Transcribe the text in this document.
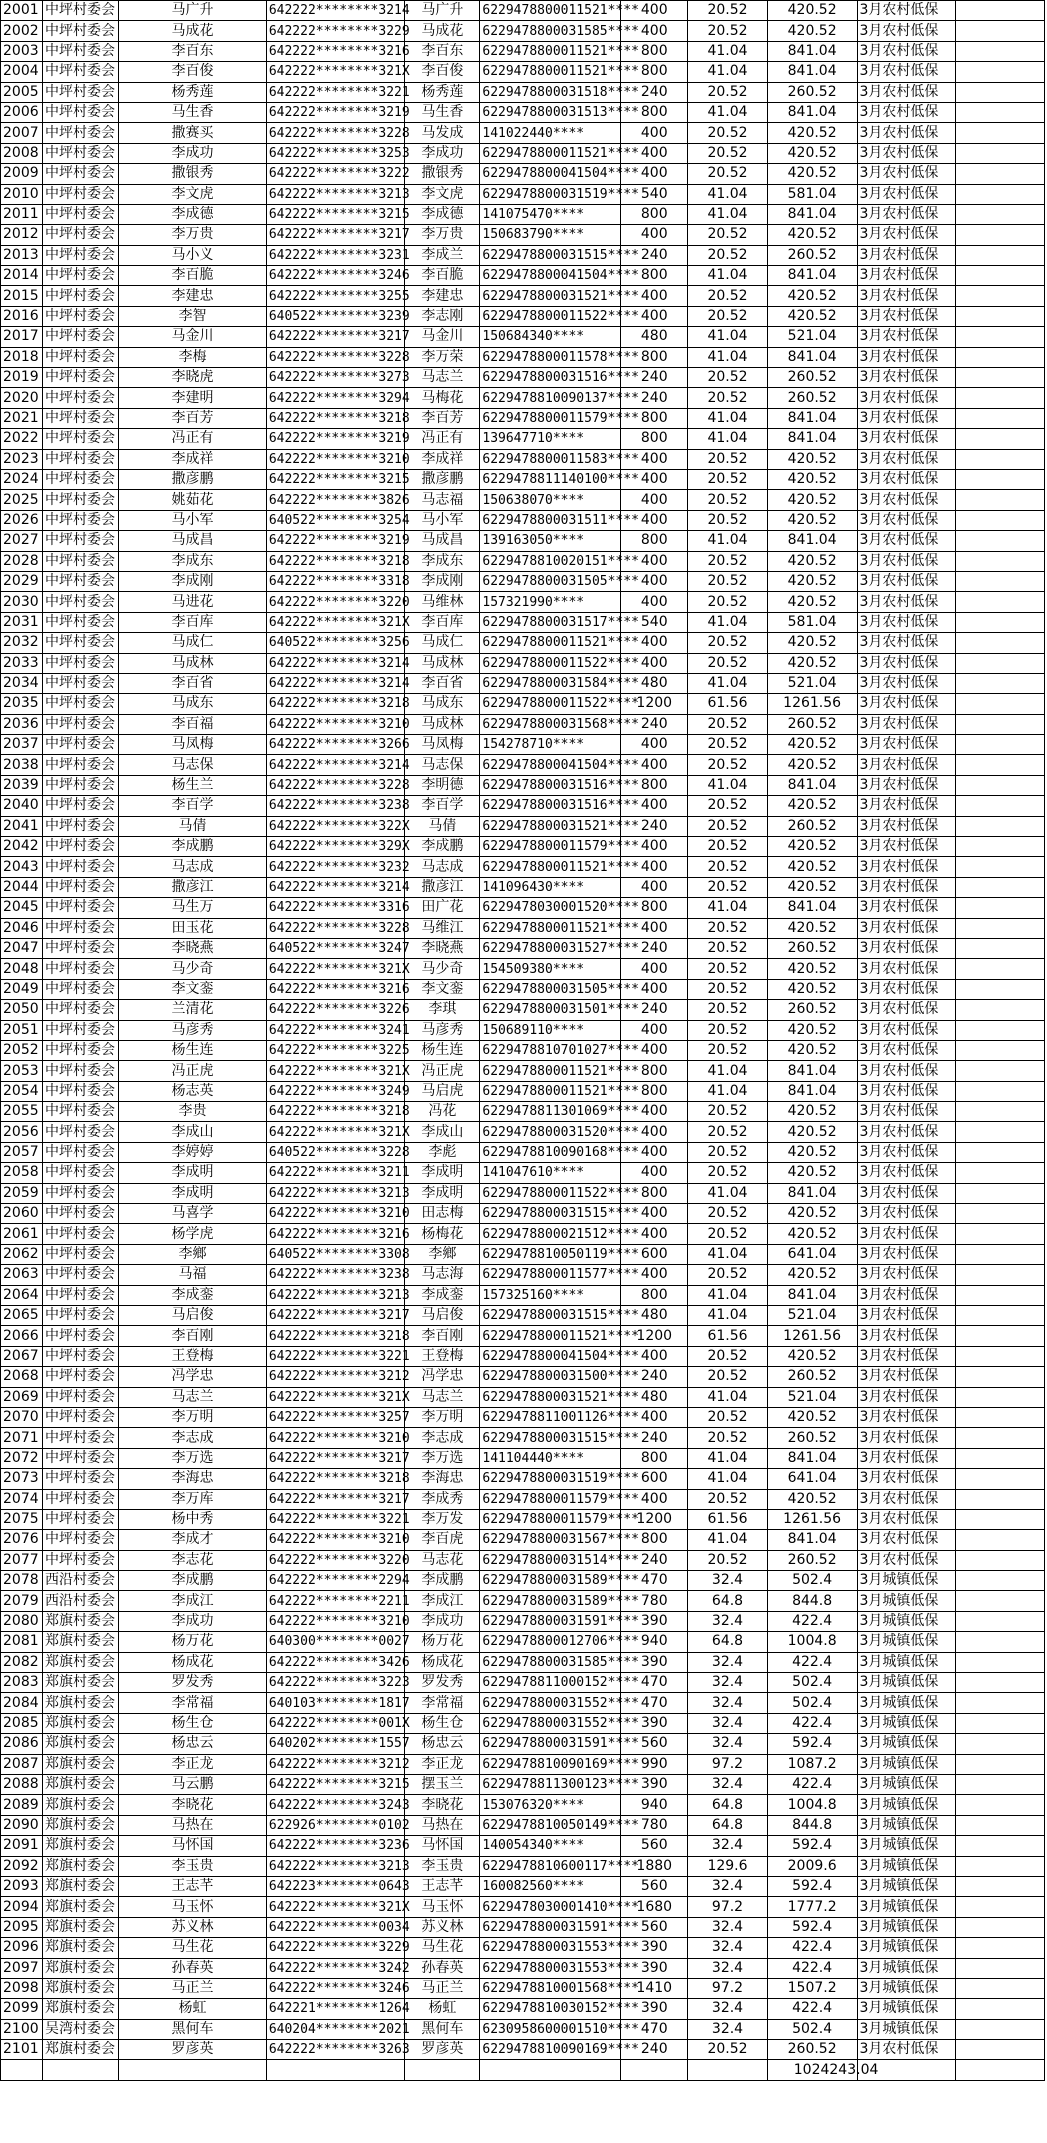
2001	中坪村委会	马广升	642222********3214	马广升	6229478800011521****	400	20.52	420.52	3月农村低保	
2002	中坪村委会	马成花	642222********3229	马成花	6229478800031585****	400	20.52	420.52	3月农村低保	
2003	中坪村委会	李百东	642222********3216	李百东	6229478800011521****	800	41.04	841.04	3月农村低保	
2004	中坪村委会	李百俊	642222********321X	李百俊	6229478800011521****	800	41.04	841.04	3月农村低保	
2005	中坪村委会	杨秀莲	642222********3221	杨秀莲	6229478800031518****	240	20.52	260.52	3月农村低保	
2006	中坪村委会	马生香	642222********3219	马生香	6229478800031513****	800	41.04	841.04	3月农村低保	
2007	中坪村委会	撒赛买	642222********3228	马发成	141022440****	400	20.52	420.52	3月农村低保	
2008	中坪村委会	李成功	642222********3253	李成功	6229478800011521****	400	20.52	420.52	3月农村低保	
2009	中坪村委会	撒银秀	642222********3222	撒银秀	6229478800041504****	400	20.52	420.52	3月农村低保	
2010	中坪村委会	李文虎	642222********3213	李文虎	6229478800031519****	540	41.04	581.04	3月农村低保	
2011	中坪村委会	李成德	642222********3215	李成德	141075470****	800	41.04	841.04	3月农村低保	
2012	中坪村委会	李万贵	642222********3217	李万贵	150683790****	400	20.52	420.52	3月农村低保	
2013	中坪村委会	马小义	642222********3231	李成兰	6229478800031515****	240	20.52	260.52	3月农村低保	
2014	中坪村委会	李百脆	642222********3246	李百脆	6229478800041504****	800	41.04	841.04	3月农村低保	
2015	中坪村委会	李建忠	642222********3255	李建忠	6229478800031521****	400	20.52	420.52	3月农村低保	
2016	中坪村委会	李智	640522********3239	李志刚	6229478800011522****	400	20.52	420.52	3月农村低保	
2017	中坪村委会	马金川	642222********3217	马金川	150684340****	480	41.04	521.04	3月农村低保	
2018	中坪村委会	李梅	642222********3228	李万荣	6229478800011578****	800	41.04	841.04	3月农村低保	
2019	中坪村委会	李晓虎	642222********3273	马志兰	6229478800031516****	240	20.52	260.52	3月农村低保	
2020	中坪村委会	李建明	642222********3294	马梅花	6229478810090137****	240	20.52	260.52	3月农村低保	
2021	中坪村委会	李百芳	642222********3218	李百芳	6229478800011579****	800	41.04	841.04	3月农村低保	
2022	中坪村委会	冯正有	642222********3219	冯正有	139647710****	800	41.04	841.04	3月农村低保	
2023	中坪村委会	李成祥	642222********3210	李成祥	6229478800011583****	400	20.52	420.52	3月农村低保	
2024	中坪村委会	撒彦鹏	642222********3215	撒彦鹏	6229478811140100****	400	20.52	420.52	3月农村低保	
2025	中坪村委会	姚茹花	642222********3826	马志福	150638070****	400	20.52	420.52	3月农村低保	
2026	中坪村委会	马小军	640522********3254	马小军	6229478800031511****	400	20.52	420.52	3月农村低保	
2027	中坪村委会	马成昌	642222********3219	马成昌	139163050****	800	41.04	841.04	3月农村低保	
2028	中坪村委会	李成东	642222********3218	李成东	6229478810020151****	400	20.52	420.52	3月农村低保	
2029	中坪村委会	李成刚	642222********3318	李成刚	6229478800031505****	400	20.52	420.52	3月农村低保	
2030	中坪村委会	马进花	642222********3220	马维林	157321990****	400	20.52	420.52	3月农村低保	
2031	中坪村委会	李百库	642222********321X	李百库	6229478800031517****	540	41.04	581.04	3月农村低保	
2032	中坪村委会	马成仁	640522********3256	马成仁	6229478800011521****	400	20.52	420.52	3月农村低保	
2033	中坪村委会	马成林	642222********3214	马成林	6229478800011522****	400	20.52	420.52	3月农村低保	
2034	中坪村委会	李百省	642222********3214	李百省	6229478800031584****	480	41.04	521.04	3月农村低保	
2035	中坪村委会	马成东	642222********3218	马成东	6229478800011522****	1200	61.56	1261.56	3月农村低保	
2036	中坪村委会	李百福	642222********3210	马成林	6229478800031568****	240	20.52	260.52	3月农村低保	
2037	中坪村委会	马凤梅	642222********3266	马凤梅	154278710****	400	20.52	420.52	3月农村低保	
2038	中坪村委会	马志保	642222********3214	马志保	6229478800041504****	400	20.52	420.52	3月农村低保	
2039	中坪村委会	杨生兰	642222********3228	李明德	6229478800031516****	800	41.04	841.04	3月农村低保	
2040	中坪村委会	李百学	642222********3238	李百学	6229478800031516****	400	20.52	420.52	3月农村低保	
2041	中坪村委会	马倩	642222********322X	马倩	6229478800031521****	240	20.52	260.52	3月农村低保	
2042	中坪村委会	李成鹏	642222********329X	李成鹏	6229478800011579****	400	20.52	420.52	3月农村低保	
2043	中坪村委会	马志成	642222********3232	马志成	6229478800011521****	400	20.52	420.52	3月农村低保	
2044	中坪村委会	撒彦江	642222********3214	撒彦江	141096430****	400	20.52	420.52	3月农村低保	
2045	中坪村委会	马生万	642222********3316	田广花	6229478030001520****	800	41.04	841.04	3月农村低保	
2046	中坪村委会	田玉花	642222********3228	马维江	6229478800011521****	400	20.52	420.52	3月农村低保	
2047	中坪村委会	李晓燕	640522********3247	李晓燕	6229478800031527****	240	20.52	260.52	3月农村低保	
2048	中坪村委会	马少奇	642222********321X	马少奇	154509380****	400	20.52	420.52	3月农村低保	
2049	中坪村委会	李文銮	642222********3216	李文銮	6229478800031505****	400	20.52	420.52	3月农村低保	
2050	中坪村委会	兰清花	642222********3226	李琪	6229478800031501****	240	20.52	260.52	3月农村低保	
2051	中坪村委会	马彦秀	642222********3241	马彦秀	150689110****	400	20.52	420.52	3月农村低保	
2052	中坪村委会	杨生连	642222********3225	杨生连	6229478810701027****	400	20.52	420.52	3月农村低保	
2053	中坪村委会	冯正虎	642222********321X	冯正虎	6229478800011521****	800	41.04	841.04	3月农村低保	
2054	中坪村委会	杨志英	642222********3249	马启虎	6229478800011521****	800	41.04	841.04	3月农村低保	
2055	中坪村委会	李贵	642222********3218	冯花	6229478811301069****	400	20.52	420.52	3月农村低保	
2056	中坪村委会	李成山	642222********321X	李成山	6229478800031520****	400	20.52	420.52	3月农村低保	
2057	中坪村委会	李婷婷	640522********3228	李彪	6229478810090168****	400	20.52	420.52	3月农村低保	
2058	中坪村委会	李成明	642222********3211	李成明	141047610****	400	20.52	420.52	3月农村低保	
2059	中坪村委会	李成明	642222********3213	李成明	6229478800011522****	800	41.04	841.04	3月农村低保	
2060	中坪村委会	马喜学	642222********3210	田志梅	6229478800031515****	400	20.52	420.52	3月农村低保	
2061	中坪村委会	杨学虎	642222********3216	杨梅花	6229478800021512****	400	20.52	420.52	3月农村低保	
2062	中坪村委会	李鄉	640522********3308	李鄉	6229478810050119****	600	41.04	641.04	3月农村低保	
2063	中坪村委会	马福	642222********3238	马志海	6229478800011577****	400	20.52	420.52	3月农村低保	
2064	中坪村委会	李成銮	642222********3213	李成銮	157325160****	800	41.04	841.04	3月农村低保	
2065	中坪村委会	马启俊	642222********3217	马启俊	6229478800031515****	480	41.04	521.04	3月农村低保	
2066	中坪村委会	李百刚	642222********3218	李百刚	6229478800011521****	1200	61.56	1261.56	3月农村低保	
2067	中坪村委会	王登梅	642222********3221	王登梅	6229478800041504****	400	20.52	420.52	3月农村低保	
2068	中坪村委会	冯学忠	642222********3212	冯学忠	6229478800031500****	240	20.52	260.52	3月农村低保	
2069	中坪村委会	马志兰	642222********321X	马志兰	6229478800031521****	480	41.04	521.04	3月农村低保	
2070	中坪村委会	李万明	642222********3257	李万明	6229478811001126****	400	20.52	420.52	3月农村低保	
2071	中坪村委会	李志成	642222********3210	李志成	6229478800031515****	240	20.52	260.52	3月农村低保	
2072	中坪村委会	李万选	642222********3217	李万选	141104440****	800	41.04	841.04	3月农村低保	
2073	中坪村委会	李海忠	642222********3218	李海忠	6229478800031519****	600	41.04	641.04	3月农村低保	
2074	中坪村委会	李万库	642222********3217	李成秀	6229478800011579****	400	20.52	420.52	3月农村低保	
2075	中坪村委会	杨中秀	642222********3221	李万发	6229478800011579****	1200	61.56	1261.56	3月农村低保	
2076	中坪村委会	李成才	642222********3210	李百虎	6229478800031567****	800	41.04	841.04	3月农村低保	
2077	中坪村委会	李志花	642222********3220	马志花	6229478800031514****	240	20.52	260.52	3月农村低保	
2078	西沿村委会	李成鹏	642222********2294	李成鹏	6229478800031589****	470	32.4	502.4	3月城镇低保	
2079	西沿村委会	李成江	642222********2211	李成江	6229478800031589****	780	64.8	844.8	3月城镇低保	
2080	郑旗村委会	李成功	642222********3210	李成功	6229478800031591****	390	32.4	422.4	3月城镇低保	
2081	郑旗村委会	杨万花	640300********0027	杨万花	6229478800012706****	940	64.8	1004.8	3月城镇低保	
2082	郑旗村委会	杨成花	642222********3426	杨成花	6229478800031585****	390	32.4	422.4	3月城镇低保	
2083	郑旗村委会	罗发秀	642222********3223	罗发秀	6229478811000152****	470	32.4	502.4	3月城镇低保	
2084	郑旗村委会	李常福	640103********1817	李常福	6229478800031552****	470	32.4	502.4	3月城镇低保	
2085	郑旗村委会	杨生仓	642222********001X	杨生仓	6229478800031552****	390	32.4	422.4	3月城镇低保	
2086	郑旗村委会	杨忠云	640202********1557	杨忠云	6229478800031591****	560	32.4	592.4	3月城镇低保	
2087	郑旗村委会	李正龙	642222********3212	李正龙	6229478810090169****	990	97.2	1087.2	3月城镇低保	
2088	郑旗村委会	马云鹏	642222********3215	摆玉兰	6229478811300123****	390	32.4	422.4	3月城镇低保	
2089	郑旗村委会	李晓花	642222********3243	李晓花	153076320****	940	64.8	1004.8	3月城镇低保	
2090	郑旗村委会	马热在	622926********0102	马热在	6229478810050149****	780	64.8	844.8	3月城镇低保	
2091	郑旗村委会	马怀国	642222********3236	马怀国	140054340****	560	32.4	592.4	3月城镇低保	
2092	郑旗村委会	李玉贵	642222********3213	李玉贵	6229478810600117****	1880	129.6	2009.6	3月城镇低保	
2093	郑旗村委会	王志芊	642223********0643	王志芊	160082560****	560	32.4	592.4	3月城镇低保	
2094	郑旗村委会	马玉怀	642222********321X	马玉怀	6229478030001410****	1680	97.2	1777.2	3月城镇低保	
2095	郑旗村委会	苏义林	642222********0034	苏义林	6229478800031591****	560	32.4	592.4	3月城镇低保	
2096	郑旗村委会	马生花	642222********3229	马生花	6229478800031553****	390	32.4	422.4	3月城镇低保	
2097	郑旗村委会	孙春英	642222********3242	孙春英	6229478800031553****	390	32.4	422.4	3月城镇低保	
2098	郑旗村委会	马正兰	642222********3246	马正兰	6229478810001568****	1410	97.2	1507.2	3月城镇低保	
2099	郑旗村委会	杨虹	642221********1264	杨虹	6229478810030152****	390	32.4	422.4	3月城镇低保	
2100	吴湾村委会	黑何车	640204********2021	黑何车	6230958600001510****	470	32.4	502.4	3月城镇低保	
2101	郑旗村委会	罗彦英	642222********3263	罗彦英	6229478810090169****	240	20.52	260.52	3月农村低保	
								1024243.04		
